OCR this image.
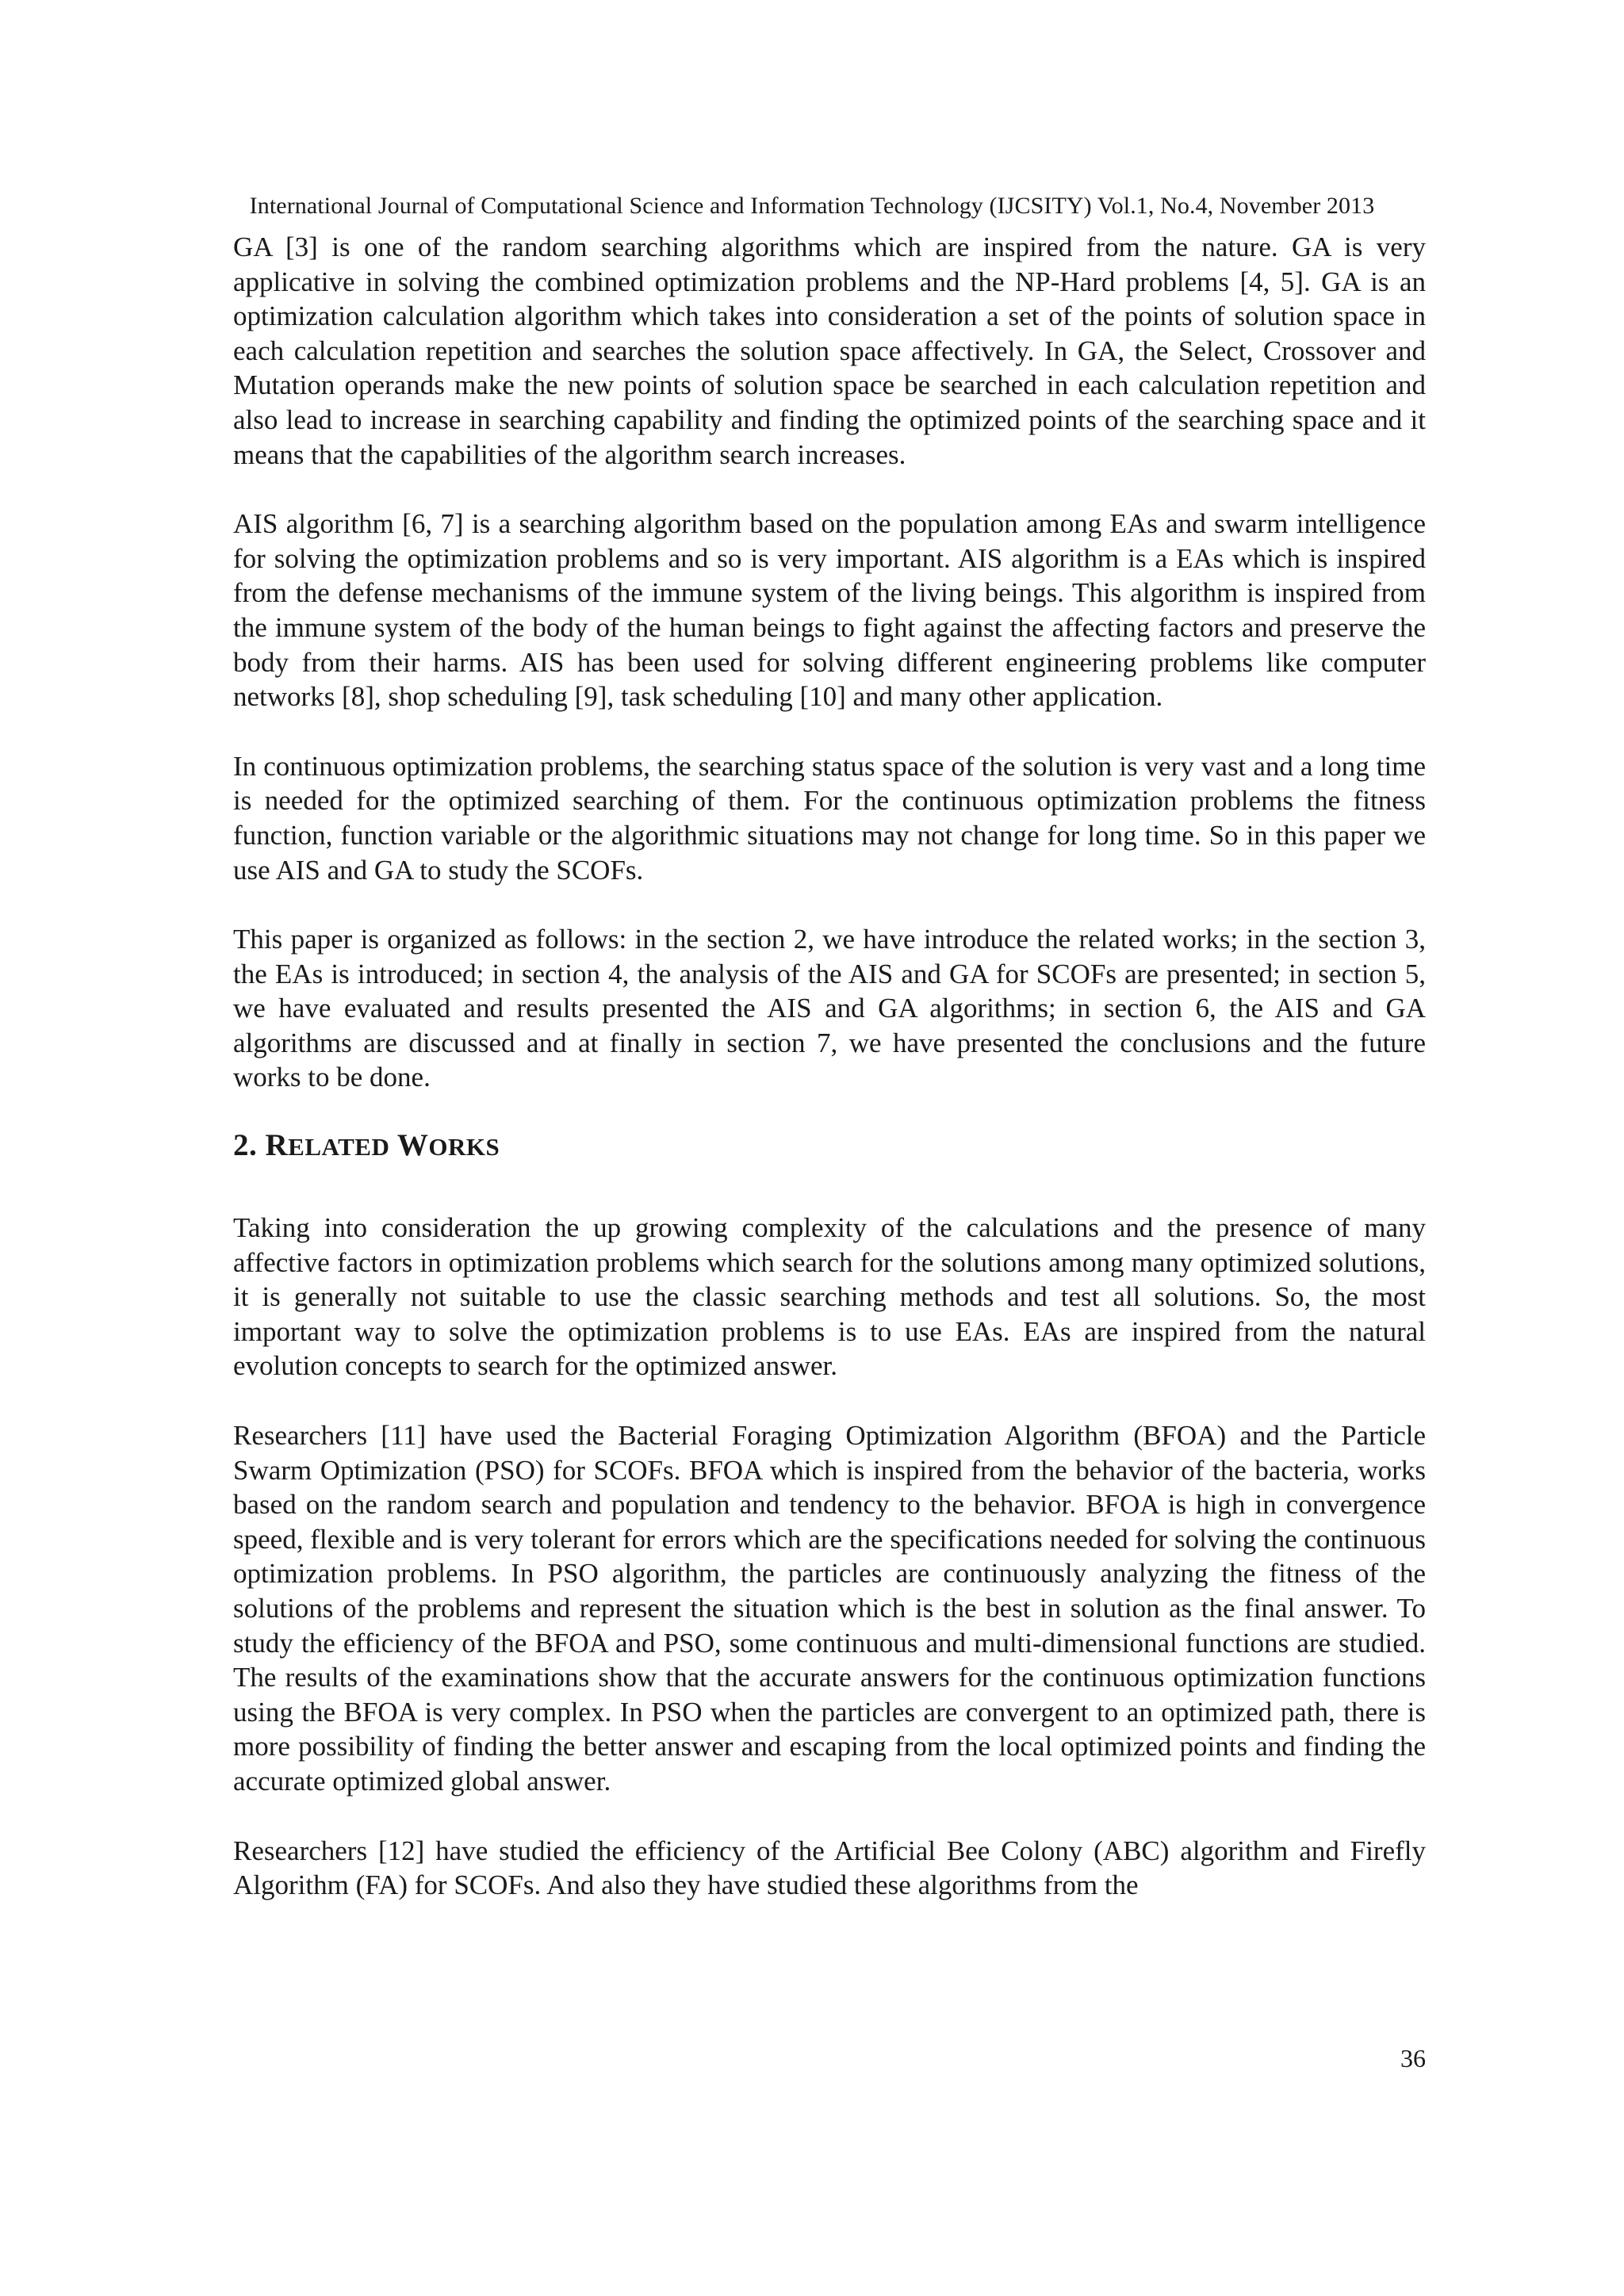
International Journal of Computational Science and Information Technology (IJCSITY) Vol.1, No.4, November 2013

GA [3] is one of the random searching algorithms which are inspired from the nature. GA is very applicative in solving the combined optimization problems and the NP-Hard problems [4, 5]. GA is an optimization calculation algorithm which takes into consideration a set of the points of solution space in each calculation repetition and searches the solution space affectively. In GA, the Select, Crossover and Mutation operands make the new points of solution space be searched in each calculation repetition and also lead to increase in searching capability and finding the optimized points of the searching space and it means that the capabilities of the algorithm search increases.

AIS algorithm [6, 7] is a searching algorithm based on the population among EAs and swarm intelligence for solving the optimization problems and so is very important. AIS algorithm is a EAs which is inspired from the defense mechanisms of the immune system of the living beings. This algorithm is inspired from the immune system of the body of the human beings to fight against the affecting factors and preserve the body from their harms. AIS has been used for solving different engineering problems like computer networks [8], shop scheduling [9], task scheduling [10] and many other application.

In continuous optimization problems, the searching status space of the solution is very vast and a long time is needed for the optimized searching of them. For the continuous optimization problems the fitness function, function variable or the algorithmic situations may not change for long time. So in this paper we use AIS and GA to study the SCOFs.

This paper is organized as follows: in the section 2, we have introduce the related works; in the section 3, the EAs is introduced; in section 4, the analysis of the AIS and GA for SCOFs are presented; in section 5, we have evaluated and results presented the AIS and GA algorithms; in section 6, the AIS and GA algorithms are discussed and at finally in section 7, we have presented the conclusions and the future works to be done.

2. RELATED WORKS

Taking into consideration the up growing complexity of the calculations and the presence of many affective factors in optimization problems which search for the solutions among many optimized solutions, it is generally not suitable to use the classic searching methods and test all solutions. So, the most important way to solve the optimization problems is to use EAs. EAs are inspired from the natural evolution concepts to search for the optimized answer.

Researchers [11] have used the Bacterial Foraging Optimization Algorithm (BFOA) and the Particle Swarm Optimization (PSO) for SCOFs. BFOA which is inspired from the behavior of the bacteria, works based on the random search and population and tendency to the behavior. BFOA is high in convergence speed, flexible and is very tolerant for errors which are the specifications needed for solving the continuous optimization problems. In PSO algorithm, the particles are continuously analyzing the fitness of the solutions of the problems and represent the situation which is the best in solution as the final answer. To study the efficiency of the BFOA and PSO, some continuous and multi-dimensional functions are studied. The results of the examinations show that the accurate answers for the continuous optimization functions using the BFOA is very complex. In PSO when the particles are convergent to an optimized path, there is more possibility of finding the better answer and escaping from the local optimized points and finding the accurate optimized global answer.

Researchers [12] have studied the efficiency of the Artificial Bee Colony (ABC) algorithm and Firefly Algorithm (FA) for SCOFs. And also they have studied these algorithms from the

36
